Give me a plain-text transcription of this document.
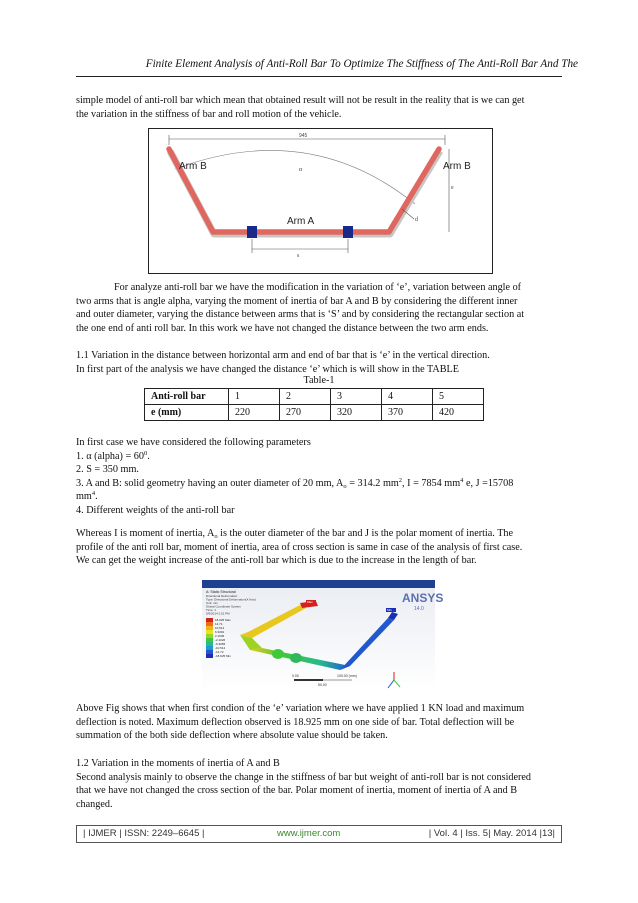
Finite Element Analysis of Anti-Roll Bar To Optimize The Stiffness of The Anti-Roll Bar And The

simple model of anti-roll bar which mean that obtained result will not be result in the reality that is we can get
the variation in the stiffness of bar and roll motion of the vehicle.

945
α
s
e
d
Arm B	Arm B
Arm A

For analyze anti-roll bar we have the modification in the variation of ‘e’, variation between angle of
two arms that is angle alpha, varying the moment of inertia of bar A and B by considering the different inner
and outer diameter, varying the distance between arms that is ‘S’ and by considering the rectangular section at
the one end of anti roll bar. In this work we have not changed the distance between the two arm ends.

1.1 Variation in the distance between horizontal arm and end of bar that is ‘e’ in the vertical direction.
In first part of the analysis we have changed the distance ‘e’ which is will show in the TABLE

Table-1
Anti-roll bar	1	2	3	4	5
e (mm)	220	270	320	370	420

In first case we have considered the following parameters
1. α (alpha) = $60^0$.
2. S = 350 mm.
3. A and B: solid geometry having an outer diameter of 20 mm, $A_o = 314.2$ $mm^2$, I = 7854 $mm^4$ e, J =15708
$mm^4$.
4. Different weights of the anti-roll bar

Whereas I is moment of inertia, $A_o$ is the outer diameter of the bar and J is the polar moment of inertia. The
profile of the anti roll bar, moment of inertia, area of cross section is same in case of the analysis of first case.
We can get the weight increase of the anti-roll bar which is due to the increase in the length of bar.

ANSYS
14.0
A: Static Structural
Directional Deformation
Type: Directional Deformation(X Axis)
Unit: mm
Global Coordinate System
Time: 1
5/9/2014 2:51 PM
18.925 Max
14.71
10.514
6.3091
2.1035
-2.1026
-6.3083
-10.514
-14.72
-18.925 Min
Max
Min
0.00	100.00 (mm)
50.00

Above Fig shows that when first condion of the ‘e’ variation where we have applied 1 KN load and maximum
deflection is noted. Maximum deflection observed is 18.925 mm on one side of bar. Total deflection will be
summation of the both side deflection where absolute value should be taken.

1.2 Variation in the moments of inertia of A and B
Second analysis mainly to observe the change in the stiffness of bar but weight of anti-roll bar is not considered
that we have not changed the cross section of the bar. Polar moment of inertia, moment of inertia of A and B
changed.

| IJMER | ISSN: 2249–6645 |	www.ijmer.com	| Vol. 4 | Iss. 5| May. 2014 |13|
